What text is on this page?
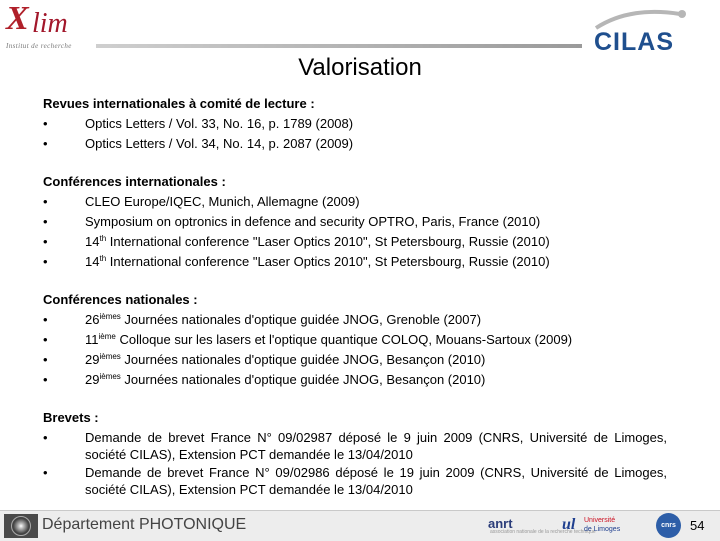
X lim
Institut de recherche	CILAS
Valorisation
Revues internationales à comité de lecture :
•	Optics Letters / Vol. 33, No. 16, p. 1789 (2008)
•	Optics Letters / Vol. 34, No. 14, p. 2087 (2009)
Conférences internationales :
•	CLEO Europe/IQEC, Munich, Allemagne (2009)
•	Symposium on optronics in defence and security OPTRO, Paris, France (2010)
•	14th International conference "Laser Optics 2010", St Petersbourg, Russie (2010)
•	14th International conference "Laser Optics 2010", St Petersbourg, Russie (2010)
Conférences nationales :
•	$26^{ièmes}$ Journées nationales d'optique guidée JNOG, Grenoble (2007)
•	11ième Colloque sur les lasers et l'optique quantique COLOQ, Mouans-Sartoux (2009)
•	$29^{ièmes}$ Journées nationales d'optique guidée JNOG, Besançon (2010)
•	$29^{ièmes}$ Journées nationales d'optique guidée JNOG, Besançon (2010)
Brevets :
•	Demande de brevet France N° 09/02987 déposé le 9 juin 2009 (CNRS, Université de Limoges, société CILAS), Extension PCT demandée le 13/04/2010
•	Demande de brevet France N° 09/02986 déposé le 19 juin 2009 (CNRS, Université de Limoges, société CILAS), Extension PCT demandée le 13/04/2010
Département PHOTONIQUE	anrt
association nationale de la recherche technique
ul Université
de Limoges
cnrs	54
